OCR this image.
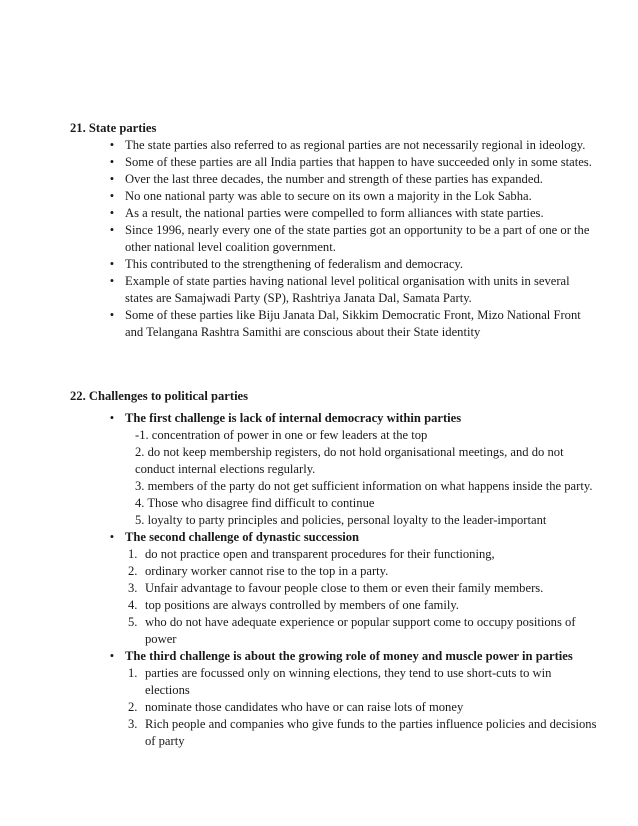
21. State parties
• The state parties also referred to as regional parties are not necessarily regional in ideology.
• Some of these parties are all India parties that happen to have succeeded only in some states.
• Over the last three decades, the number and strength of these parties has expanded.
• No one national party was able to secure on its own a majority in the Lok Sabha.
• As a result, the national parties were compelled to form alliances with state parties.
• Since 1996, nearly every one of the state parties got an opportunity to be a part of one or the other national level coalition government.
• This contributed to the strengthening of federalism and democracy.
• Example of state parties having national level political organisation with units in several states are Samajwadi Party (SP), Rashtriya Janata Dal, Samata Party.
• Some of these parties like Biju Janata Dal, Sikkim Democratic Front, Mizo National Front and Telangana Rashtra Samithi are conscious about their State identity
22. Challenges to political parties
• The first challenge is lack of internal democracy within parties
-1. concentration of power in one or few leaders at the top
2. do not keep membership registers, do not hold organisational meetings, and do not conduct internal elections regularly.
3. members of the party do not get sufficient information on what happens inside the party.
4. Those who disagree find difficult to continue
5. loyalty to party principles and policies, personal loyalty to the leader-important
• The second challenge of dynastic succession
1. do not practice open and transparent procedures for their functioning,
2. ordinary worker cannot rise to the top in a party.
3. Unfair advantage to favour people close to them or even their family members.
4. top positions are always controlled by members of one family.
5. who do not have adequate experience or popular support come to occupy positions of power
• The third challenge is about the growing role of money and muscle power in parties
1. parties are focussed only on winning elections, they tend to use short-cuts to win elections
2. nominate those candidates who have or can raise lots of money
3. Rich people and companies who give funds to the parties influence policies and decisions of party
